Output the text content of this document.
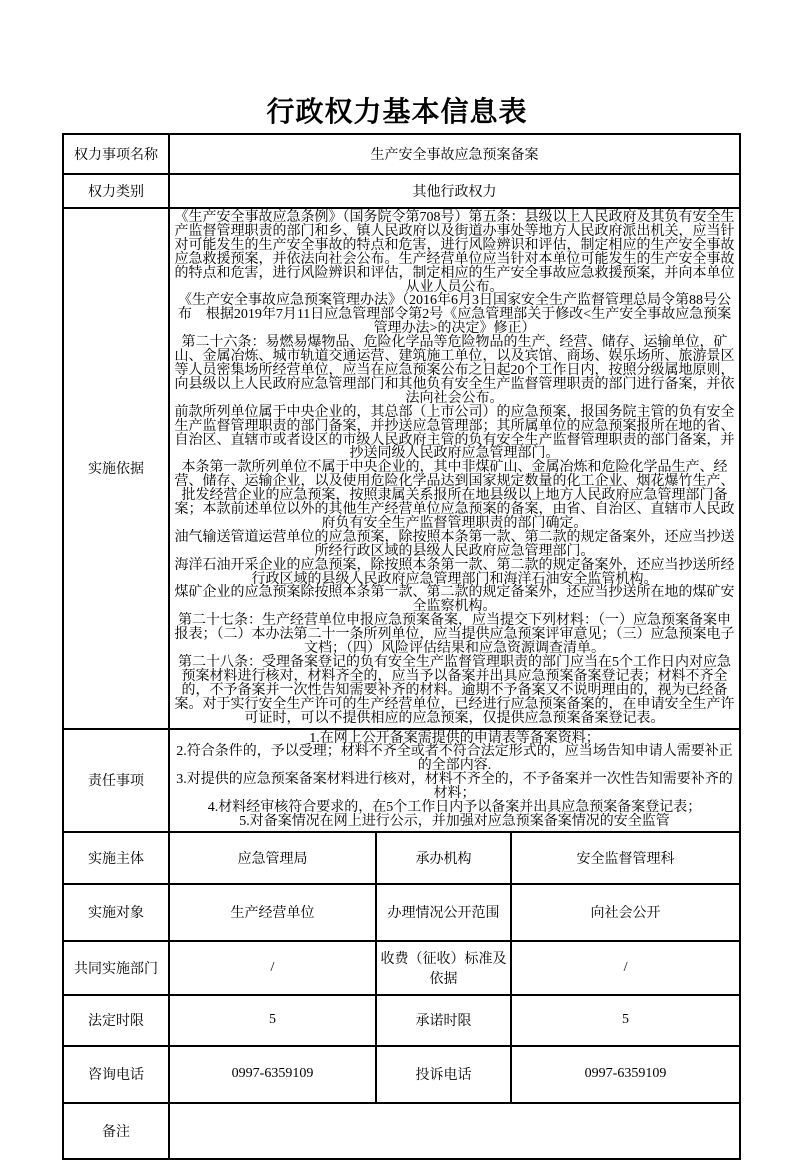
行政权力基本信息表
权力事项名称	生产安全事故应急预案备案		
权力类别	其他行政权力		
实施依据	
《生产安全事故应急条例》（国务院令第708号）第五条：县级以上人民政府及其负有安全生产监督管理职责的部门和乡、镇人民政府以及街道办事处等地方人民政府派出机关，应当针对可能发生的生产安全事故的特点和危害，进行风险辨识和评估，制定相应的生产安全事故应急救援预案，并依法向社会公布。生产经营单位应当针对本单位可能发生的生产安全事故的特点和危害，进行风险辨识和评估，制定相应的生产安全事故应急救援预案，并向本单位从业人员公布。
《生产安全事故应急预案管理办法》（2016年6月3日国家安全生产监督管理总局令第88号公布　根据2019年7月11日应急管理部令第2号《应急管理部关于修改<生产安全事故应急预案管理办法>的决定》修正）
第二十六条：易燃易爆物品、危险化学品等危险物品的生产、经营、储存、运输单位，矿山、金属冶炼、城市轨道交通运营、建筑施工单位，以及宾馆、商场、娱乐场所、旅游景区等人员密集场所经营单位，应当在应急预案公布之日起20个工作日内，按照分级属地原则，向县级以上人民政府应急管理部门和其他负有安全生产监督管理职责的部门进行备案，并依法向社会公布。
前款所列单位属于中央企业的，其总部（上市公司）的应急预案，报国务院主管的负有安全生产监督管理职责的部门备案，并抄送应急管理部；其所属单位的应急预案报所在地的省、自治区、直辖市或者设区的市级人民政府主管的负有安全生产监督管理职责的部门备案，并抄送同级人民政府应急管理部门。
本条第一款所列单位不属于中央企业的，其中非煤矿山、金属冶炼和危险化学品生产、经营、储存、运输企业，以及使用危险化学品达到国家规定数量的化工企业、烟花爆竹生产、批发经营企业的应急预案，按照隶属关系报所在地县级以上地方人民政府应急管理部门备案；本款前述单位以外的其他生产经营单位应急预案的备案，由省、自治区、直辖市人民政府负有安全生产监督管理职责的部门确定。
油气输送管道运营单位的应急预案，除按照本条第一款、第二款的规定备案外，还应当抄送所经行政区域的县级人民政府应急管理部门。
海洋石油开采企业的应急预案，除按照本条第一款、第二款的规定备案外，还应当抄送所经行政区域的县级人民政府应急管理部门和海洋石油安全监管机构。
煤矿企业的应急预案除按照本条第一款、第二款的规定备案外，还应当抄送所在地的煤矿安全监察机构。
第二十七条：生产经营单位申报应急预案备案，应当提交下列材料：（一）应急预案备案申报表；（二）本办法第二十一条所列单位，应当提供应急预案评审意见；（三）应急预案电子文档；（四）风险评估结果和应急资源调查清单。
第二十八条：受理备案登记的负有安全生产监督管理职责的部门应当在5个工作日内对应急预案材料进行核对，材料齐全的，应当予以备案并出具应急预案备案登记表；材料不齐全的，不予备案并一次性告知需要补齐的材料。逾期不予备案又不说明理由的，视为已经备案。对于实行安全生产许可的生产经营单位，已经进行应急预案备案的，在申请安全生产许可证时，可以不提供相应的应急预案，仅提供应急预案备案登记表。

责任事项	1.在网上公开备案需提供的申请表等备案资料；
2.符合条件的，予以受理；材料不齐全或者不符合法定形式的，应当场告知申请人需要补正的全部内容.
3.对提供的应急预案备案材料进行核对，材料不齐全的，不予备案并一次性告知需要补齐的材料；
4.材料经审核符合要求的，在5个工作日内予以备案并出具应急预案备案登记表；
5.对备案情况在网上进行公示，并加强对应急预案备案情况的安全监管		

实施主体	应急管理局	承办机构	安全监督管理科
实施对象	生产经营单位	办理情况公开范围	向社会公开
共同实施部门	/	收费（征收）标准及依据	/
法定时限	5	承诺时限	5
咨询电话	0997-6359109	投诉电话	0997-6359109
备注			
